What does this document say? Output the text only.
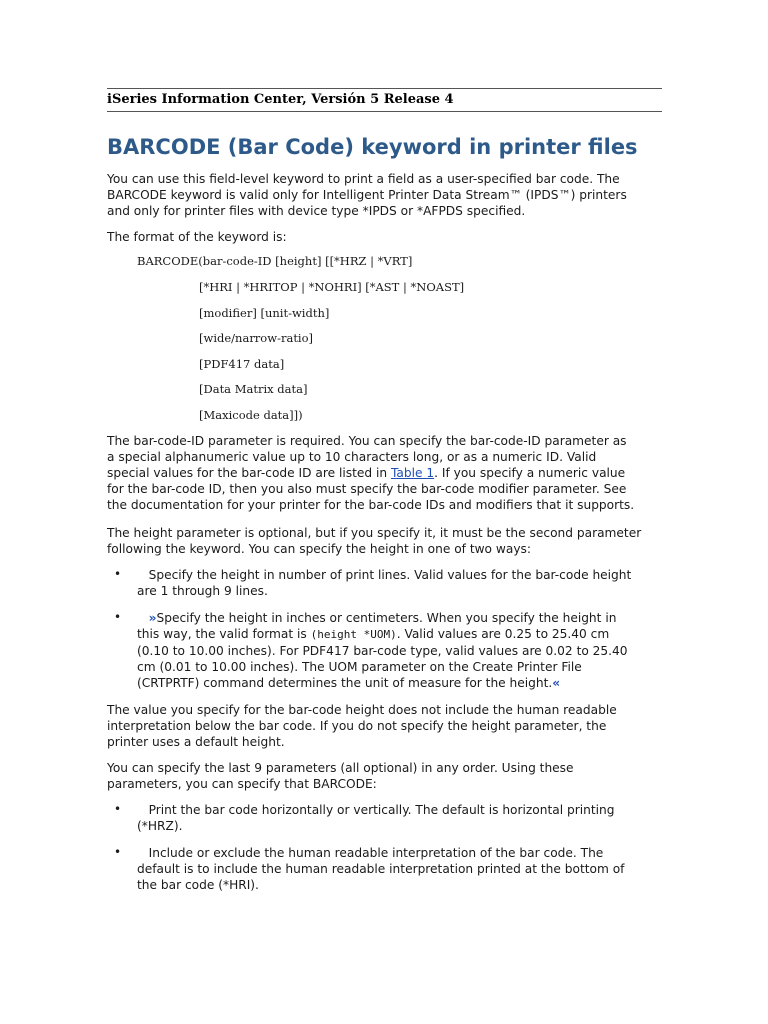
iSeries Information Center, Versión 5 Release 4
BARCODE (Bar Code) keyword in printer files
You can use this field-level keyword to print a field as a user-specified bar code. The
BARCODE keyword is valid only for Intelligent Printer Data Stream™ (IPDS™) printers
and only for printer files with device type *IPDS or *AFPDS specified.
The format of the keyword is:
BARCODE(bar-code-ID [height] [[*HRZ | *VRT]
[*HRI | *HRITOP | *NOHRI] [*AST | *NOAST]
[modifier] [unit-width]
[wide/narrow-ratio]
[PDF417 data]
[Data Matrix data]
[Maxicode data]])
The bar-code-ID parameter is required. You can specify the bar-code-ID parameter as
a special alphanumeric value up to 10 characters long, or as a numeric ID. Valid
special values for the bar-code ID are listed in Table 1. If you specify a numeric value
for the bar-code ID, then you also must specify the bar-code modifier parameter. See
the documentation for your printer for the bar-code IDs and modifiers that it supports.
The height parameter is optional, but if you specify it, it must be the second parameter
following the keyword. You can specify the height in one of two ways:
•	Specify the height in number of print lines. Valid values for the bar-code height
are 1 through 9 lines.
•	»Specify the height in inches or centimeters. When you specify the height in
this way, the valid format is (height *UOM). Valid values are 0.25 to 25.40 cm
(0.10 to 10.00 inches). For PDF417 bar-code type, valid values are 0.02 to 25.40
cm (0.01 to 10.00 inches). The UOM parameter on the Create Printer File
(CRTPRTF) command determines the unit of measure for the height.«
The value you specify for the bar-code height does not include the human readable
interpretation below the bar code. If you do not specify the height parameter, the
printer uses a default height.
You can specify the last 9 parameters (all optional) in any order. Using these
parameters, you can specify that BARCODE:
•	Print the bar code horizontally or vertically. The default is horizontal printing
(*HRZ).
•	Include or exclude the human readable interpretation of the bar code. The
default is to include the human readable interpretation printed at the bottom of
the bar code (*HRI).
